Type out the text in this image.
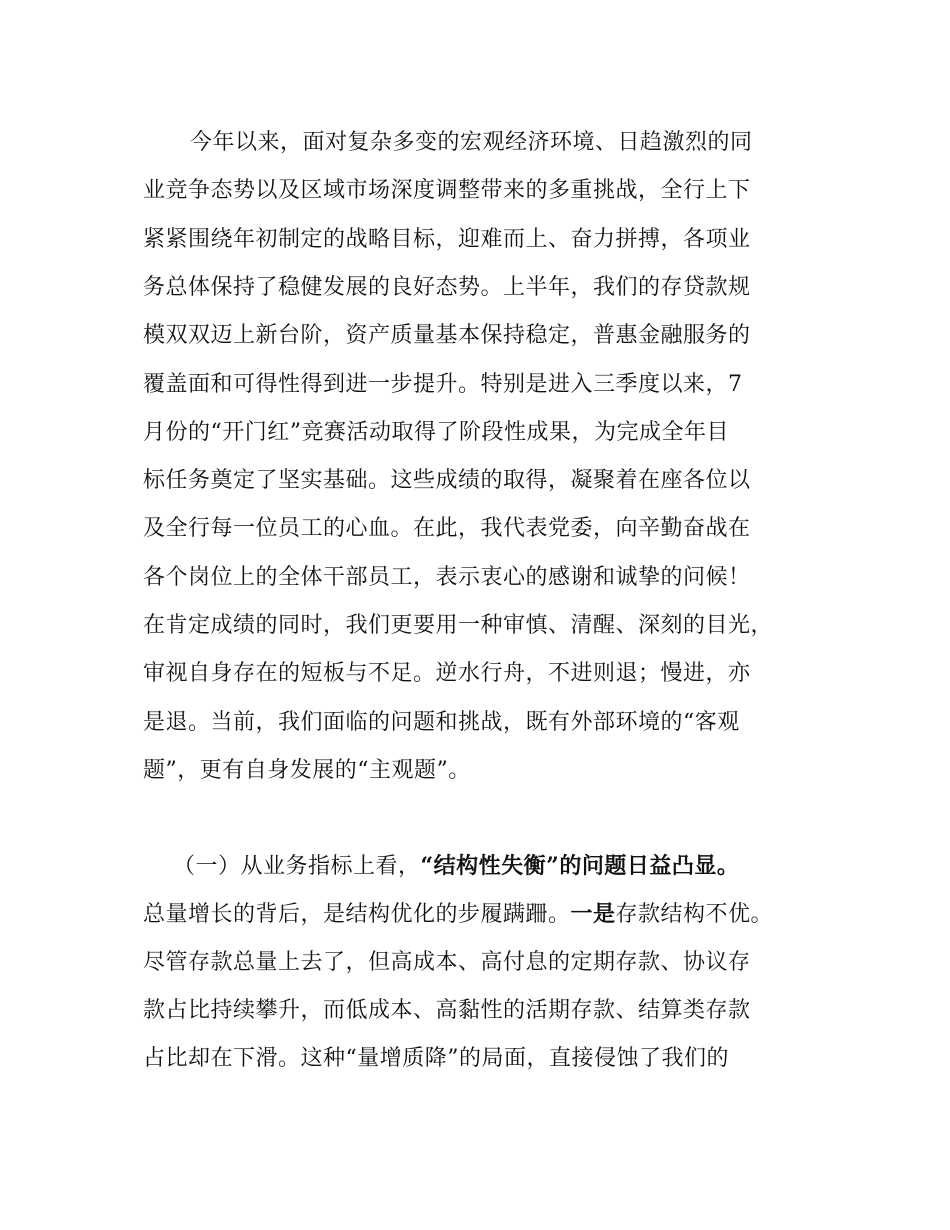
今年以来，面对复杂多变的宏观经济环境、日趋激烈的同
业竞争态势以及区域市场深度调整带来的多重挑战，全行上下
紧紧围绕年初制定的战略目标，迎难而上、奋力拼搏，各项业
务总体保持了稳健发展的良好态势。上半年，我们的存贷款规
模双双迈上新台阶，资产质量基本保持稳定，普惠金融服务的
覆盖面和可得性得到进一步提升。特别是进入三季度以来，7
月份的“开门红”竞赛活动取得了阶段性成果，为完成全年目
标任务奠定了坚实基础。这些成绩的取得，凝聚着在座各位以
及全行每一位员工的心血。在此，我代表党委，向辛勤奋战在
各个岗位上的全体干部员工，表示衷心的感谢和诚挚的问候！
在肯定成绩的同时，我们更要用一种审慎、清醒、深刻的目光，
审视自身存在的短板与不足。逆水行舟，不进则退；慢进，亦
是退。当前，我们面临的问题和挑战，既有外部环境的“客观
题”，更有自身发展的“主观题”。
（一）从业务指标上看，“结构性失衡”的问题日益凸显。
总量增长的背后，是结构优化的步履蹒跚。一是存款结构不优。
尽管存款总量上去了，但高成本、高付息的定期存款、协议存
款占比持续攀升，而低成本、高黏性的活期存款、结算类存款
占比却在下滑。这种“量增质降”的局面，直接侵蚀了我们的
